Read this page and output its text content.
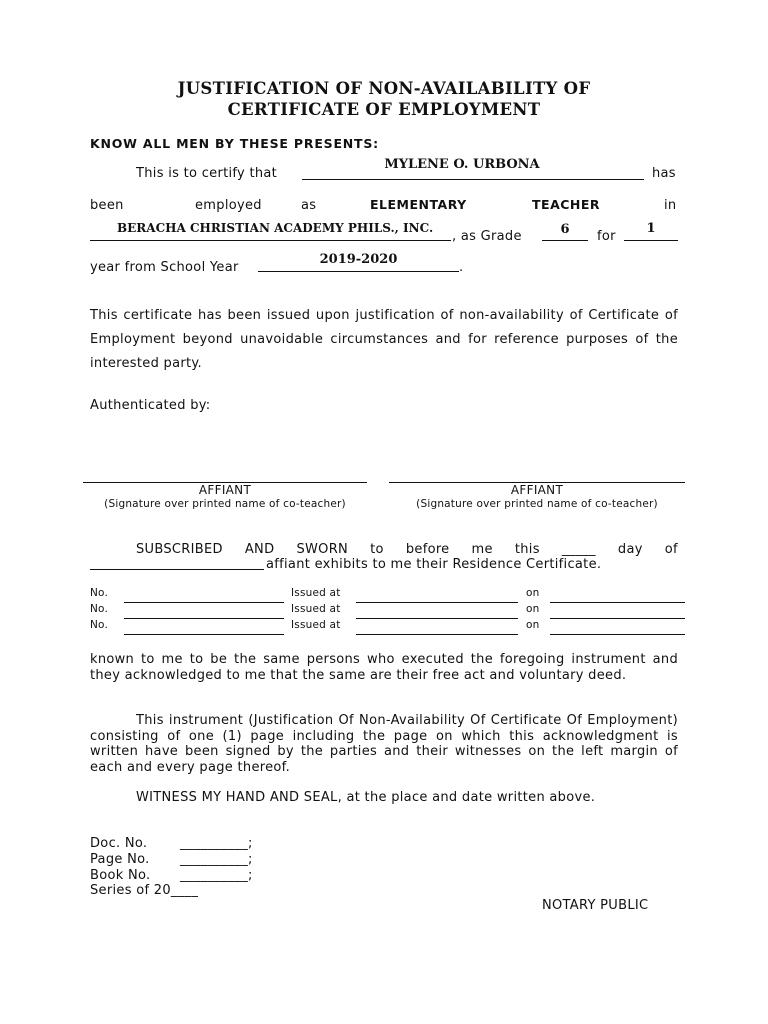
JUSTIFICATION OF NON-AVAILABILITY OF
CERTIFICATE OF EMPLOYMENT
KNOW ALL MEN BY THESE PRESENTS:
This is to certify that
MYLENE O. URBONA
has
been	employed	as	ELEMENTARY	TEACHER	in
BERACHA CHRISTIAN ACADEMY PHILS., INC.
, as Grade	6	for
1
year from School Year
2019-2020
.
This certificate has been issued upon justification of non-availability of Certificate of Employment beyond unavoidable circumstances and for reference purposes of the interested party.
Authenticated by:
AFFIANT
(Signature over printed name of co-teacher)
AFFIANT
(Signature over printed name of co-teacher)
SUBSCRIBED AND SWORN to before me this _____ day of
affiant exhibits to me their Residence Certificate.
No.	Issued at	on
No.	Issued at	on
No.	Issued at	on
known to me to be the same persons who executed the foregoing instrument and they acknowledged to me that the same are their free act and voluntary deed.
This instrument (Justification Of Non-Availability Of Certificate Of Employment) consisting of one (1) page including the page on which this acknowledgment is written have been signed by the parties and their witnesses on the left margin of each and every page thereof.
WITNESS MY HAND AND SEAL, at the place and date written above.
Doc. No.	__________;
Page No. __________;
Book No. __________;
Series of 20____
NOTARY PUBLIC
